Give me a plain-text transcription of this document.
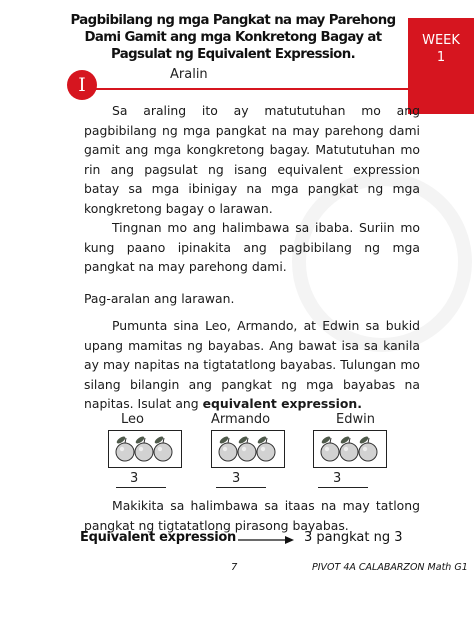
Pagbibilang ng mga Pangkat na may Parehong Dami Gamit ang mga Konkretong Bagay at Pagsulat ng Equivalent Expression.
WEEK
1
I	Aralin

Sa araling ito ay matututuhan mo ang pagbibilang ng mga pangkat na may parehong dami gamit ang mga kongkretong bagay. Matututuhan mo rin ang pagsulat ng isang equivalent expression batay sa mga ibinigay na mga pangkat ng mga kongkretong bagay o larawan.

Tingnan mo ang halimbawa sa ibaba. Suriin mo kung paano ipinakita ang pagbibilang ng mga pangkat na may parehong dami.

Pag-aralan ang larawan.

Pumunta sina Leo, Armando, at Edwin sa bukid upang mamitas ng bayabas. Ang bawat isa sa kanila ay may napitas na tigtatatlong bayabas. Tulungan mo silang bilangin ang pangkat ng mga bayabas na napitas. Isulat ang equivalent expression.

Leo	Armando	Edwin
3	3	3

Makikita sa halimbawa sa itaas na may tatlong pangkat ng tigtatatlong pirasong bayabas.

Equivalent expression	3 pangkat ng 3
7	PIVOT 4A CALABARZON Math G1
